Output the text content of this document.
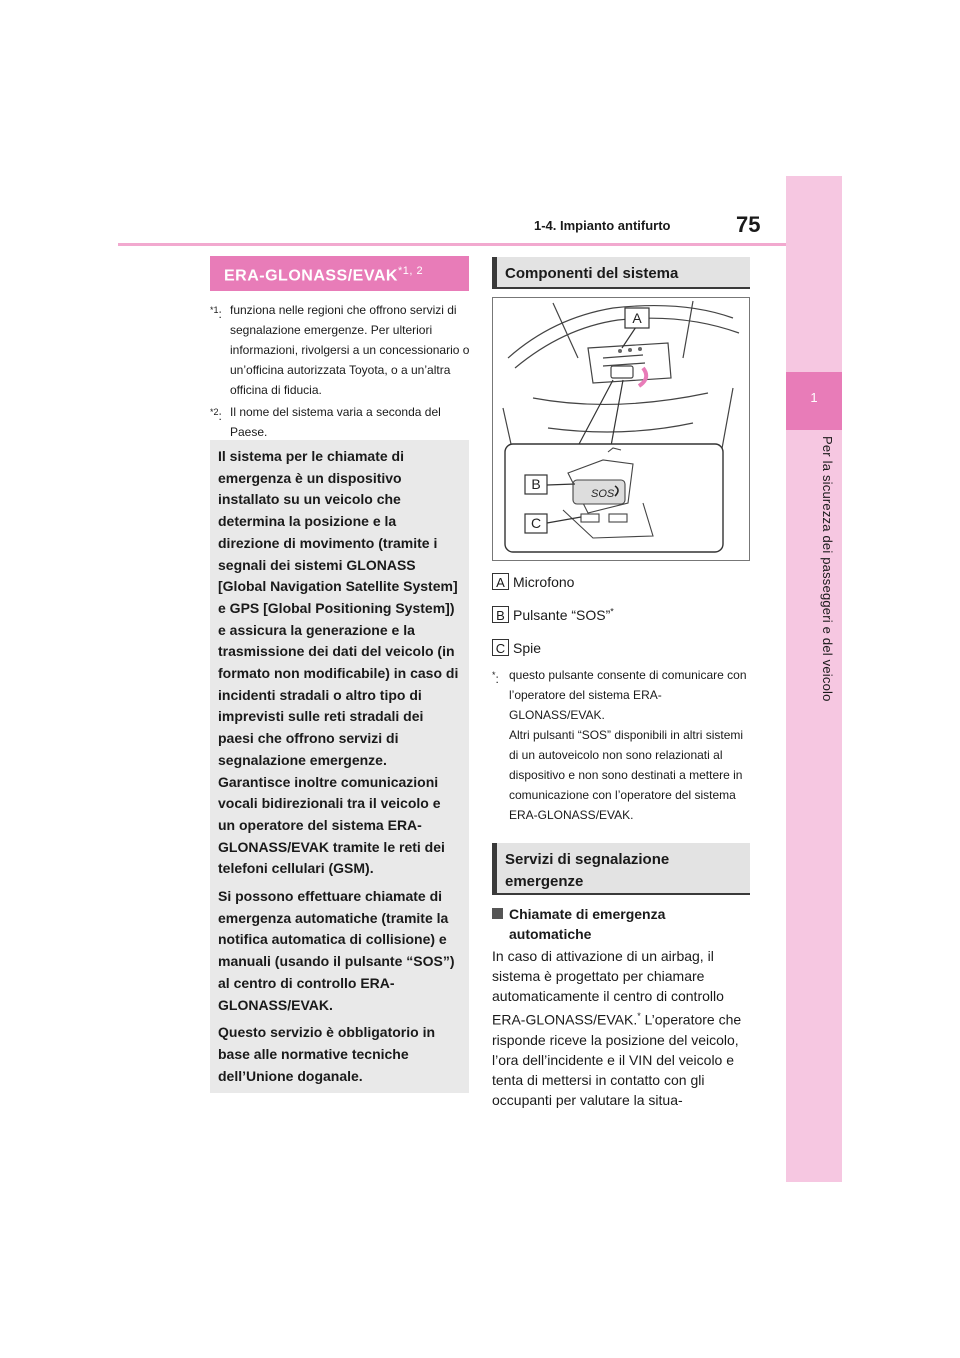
1-4. Impianto antifurto	75
1
Per la sicurezza dei passeggeri e del veicolo
ERA-GLONASS/EVAK$^{*1, 2}$
$^{*1}$: funziona nelle regioni che offrono servizi di segnalazione emergenze. Per ulteriori informazioni, rivolgersi a un concessionario o un’officina autorizzata Toyota, o a un’altra officina di fiducia.
$^{*2}$: Il nome del sistema varia a seconda del Paese.

Il sistema per le chiamate di emergenza è un dispositivo installato su un veicolo che determina la posizione e la direzione di movimento (tramite i segnali dei sistemi GLONASS [Global Navigation Satellite System] e GPS [Global Positioning System]) e assicura la generazione e la trasmissione dei dati del veicolo (in formato non modificabile) in caso di incidenti stradali o altro tipo di imprevisti sulle reti stradali dei paesi che offrono servizi di segnalazione emergenze. Garantisce inoltre comunicazioni vocali bidirezionali tra il veicolo e un operatore del sistema ERA-GLONASS/EVAK tramite le reti dei telefoni cellulari (GSM).

Si possono effettuare chiamate di emergenza automatiche (tramite la notifica automatica di collisione) e manuali (usando il pulsante “SOS”) al centro di controllo ERA-GLONASS/EVAK.

Questo servizio è obbligatorio in base alle normative tecniche dell’Unione doganale.

Componenti del sistema
SOS
A
B
C
A Microfono
B Pulsante “SOS”*
C Spie
*: questo pulsante consente di comunicare con l’operatore del sistema ERA-GLONASS/EVAK.
Altri pulsanti “SOS” disponibili in altri sistemi di un autoveicolo non sono relazionati al dispositivo e non sono destinati a mettere in comunicazione con l’operatore del sistema ERA-GLONASS/EVAK.
Servizi di segnalazione emergenze
Chiamate di emergenza automatiche
In caso di attivazione di un airbag, il sistema è progettato per chiamare automaticamente il centro di controllo ERA-GLONASS/EVAK.* L’operatore che risponde riceve la posizione del veicolo, l’ora dell’incidente e il VIN del veicolo e tenta di mettersi in contatto con gli occupanti per valutare la situa-
